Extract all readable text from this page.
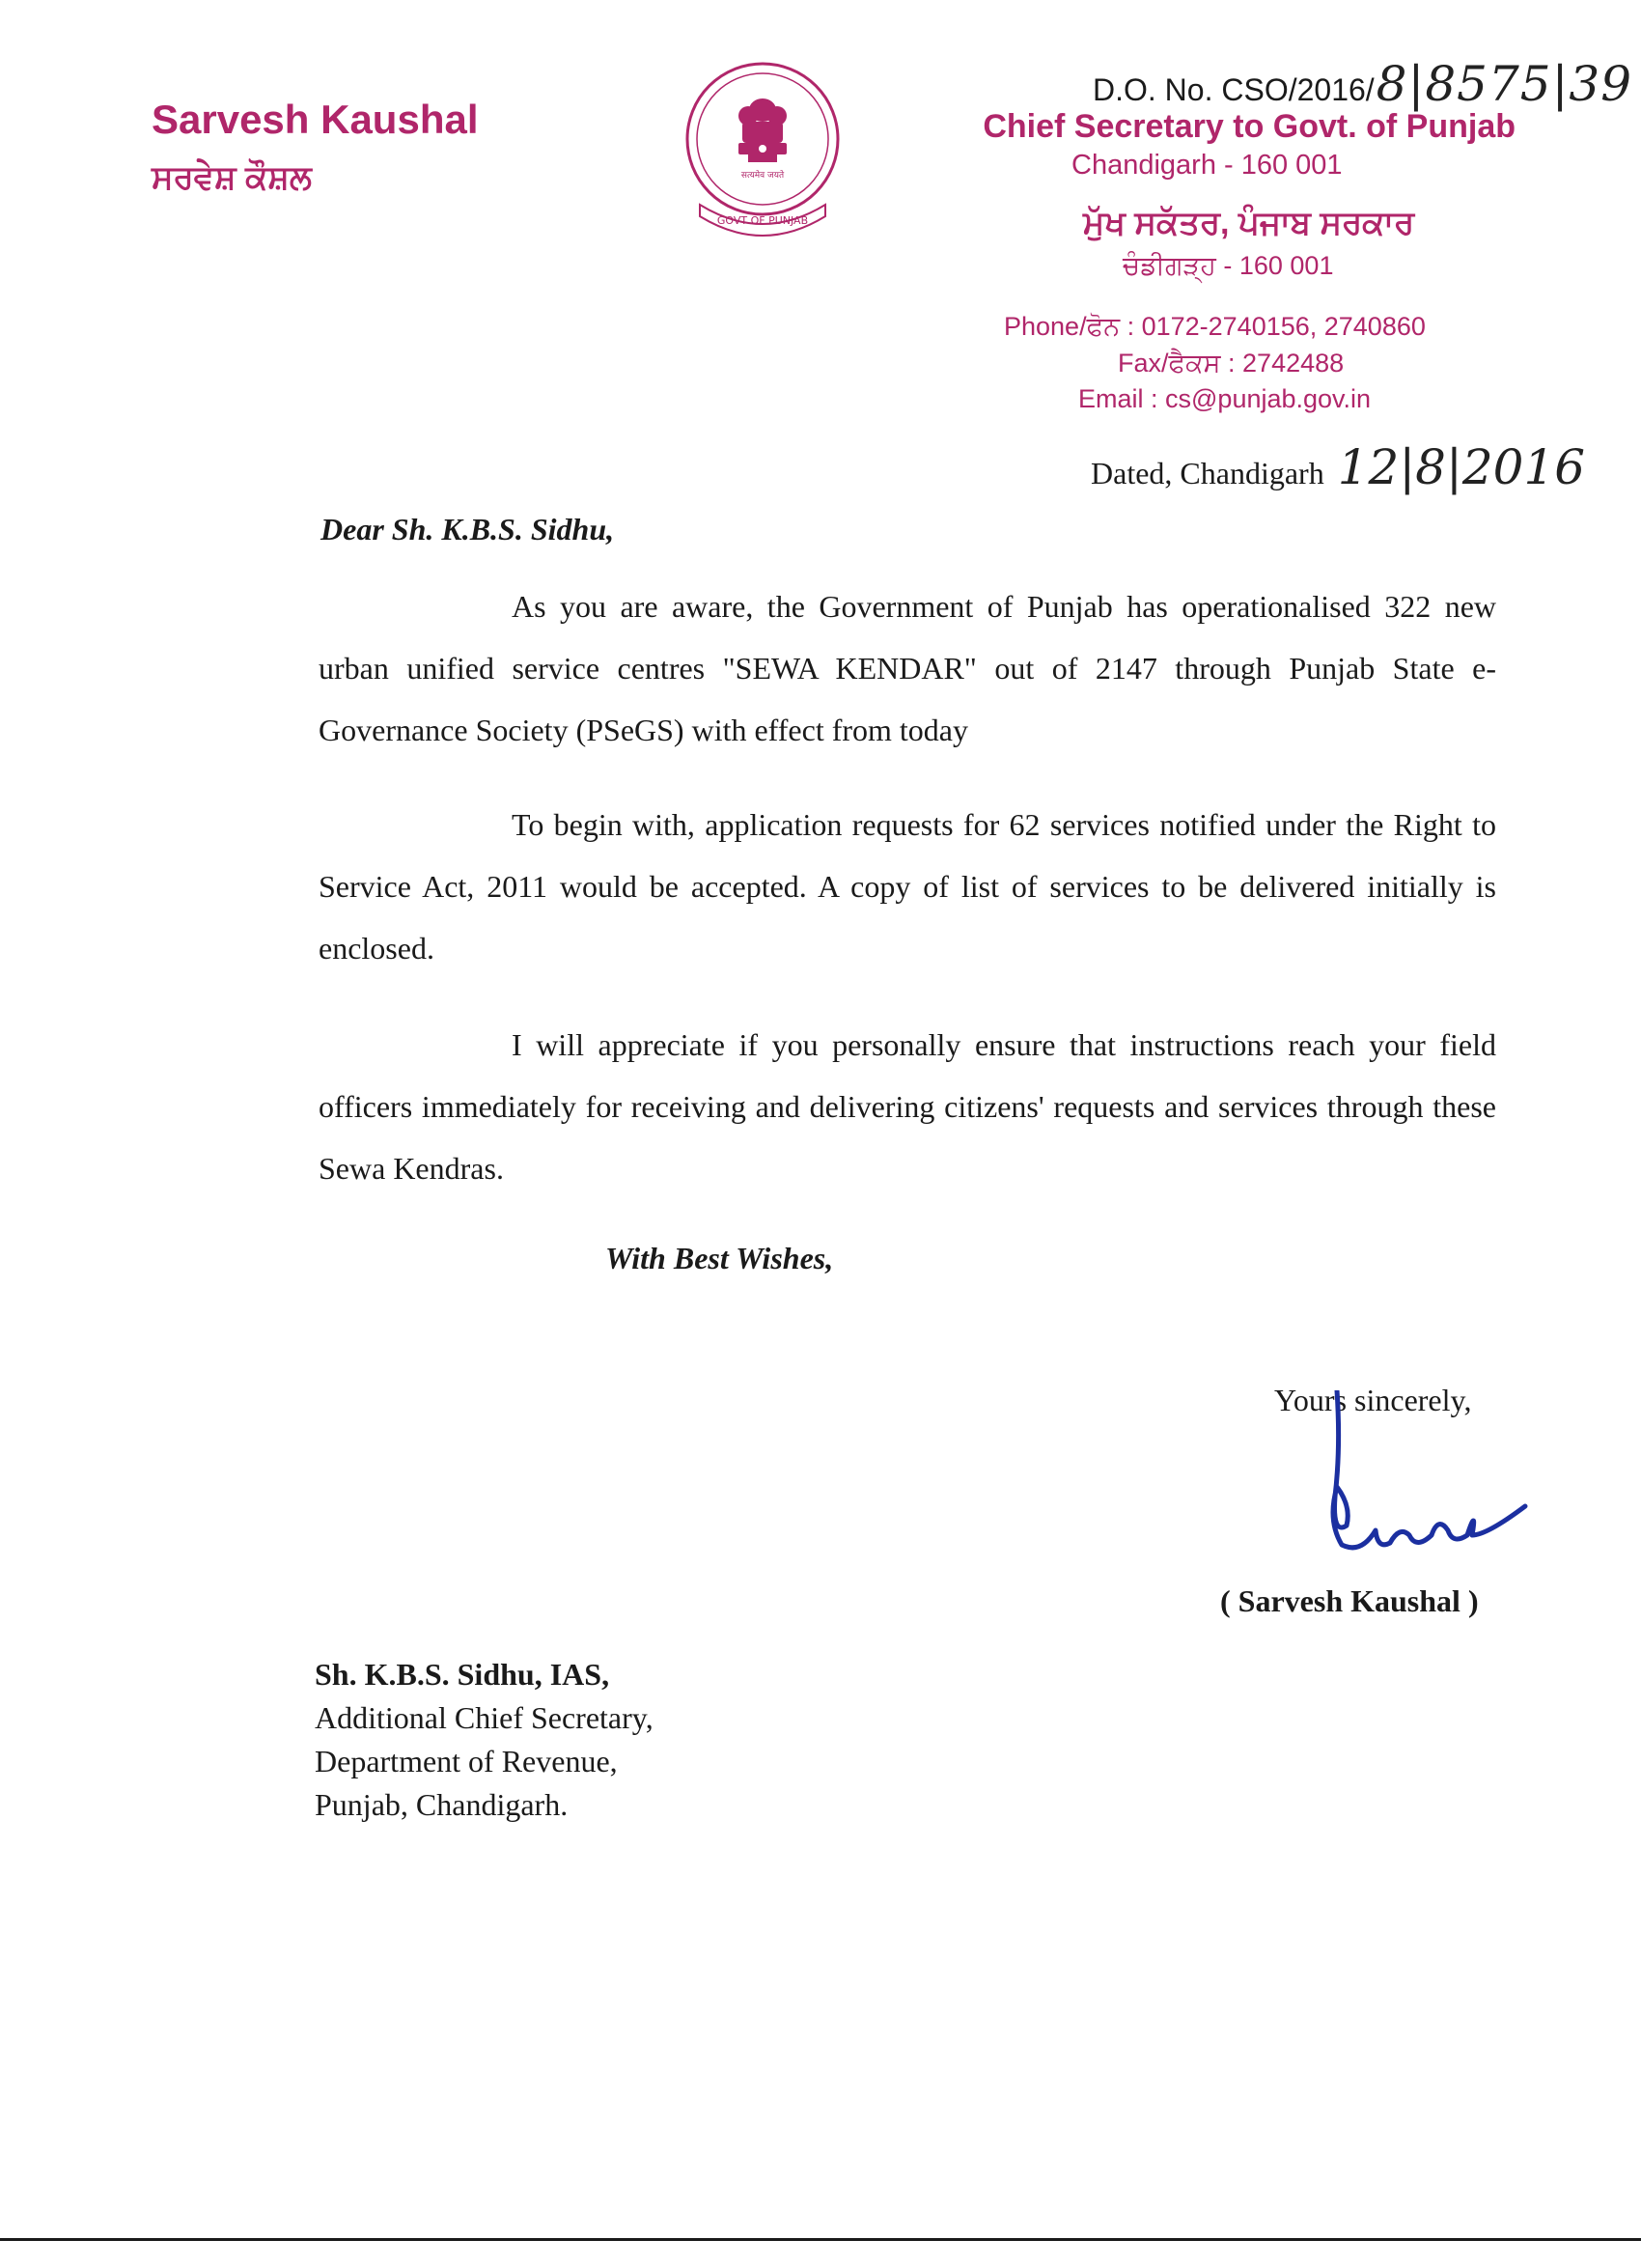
Sarvesh Kaushal
ਸਰਵੇਸ਼ ਕੌਸ਼ਲ	सत्यमेव जयते
GOVT OF PUNJAB
D.O. No. CSO/2016/8|8575|39
Chief Secretary to Govt. of Punjab
Chandigarh - 160 001
ਮੁੱਖ ਸਕੱਤਰ, ਪੰਜਾਬ ਸਰਕਾਰ
ਚੰਡੀਗੜ੍ਹ - 160 001
Phone/ਫੋਨ : 0172-2740156, 2740860
Fax/ਫੈਕਸ : 2742488
Email : cs@punjab.gov.in
Dated, Chandigarh 12|8|2016
Dear Sh. K.B.S. Sidhu,
As you are aware, the Government of Punjab has operationalised 322 new urban unified service centres "SEWA KENDAR" out of 2147 through Punjab State e-Governance Society (PSeGS) with effect from today
To begin with, application requests for 62 services notified under the Right to Service Act, 2011 would be accepted. A copy of list of services to be delivered initially is enclosed.
I will appreciate if you personally ensure that instructions reach your field officers immediately for receiving and delivering citizens' requests and services through these Sewa Kendras.
With Best Wishes,
Yours sincerely,
( Sarvesh Kaushal )
Sh. K.B.S. Sidhu, IAS,
Additional Chief Secretary,
Department of Revenue,
Punjab, Chandigarh.
